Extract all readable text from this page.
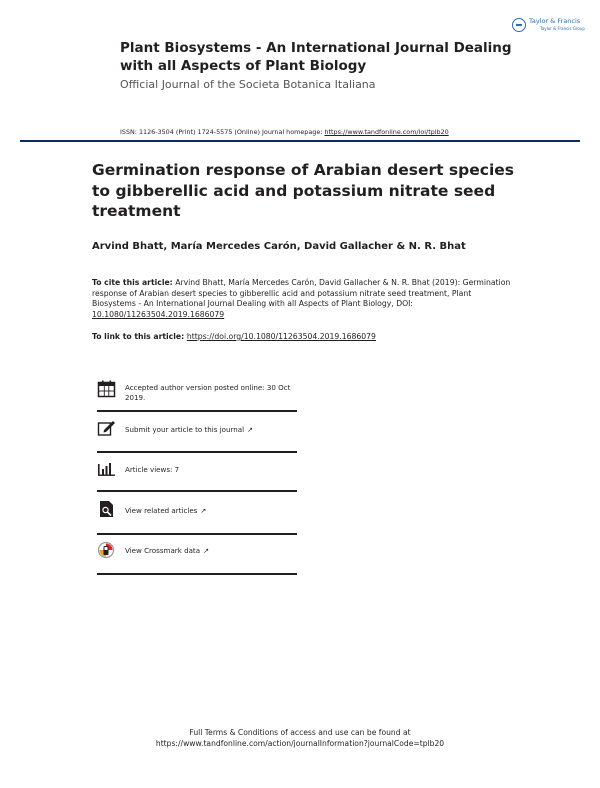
Taylor & Francis
Taylor & Francis Group
Plant Biosystems - An International Journal Dealing with all Aspects of Plant Biology
Official Journal of the Societa Botanica Italiana
ISSN: 1126-3504 (Print) 1724-5575 (Online) Journal homepage: https://www.tandfonline.com/loi/tplb20
Germination response of Arabian desert species to gibberellic acid and potassium nitrate seed treatment
Arvind Bhatt, María Mercedes Carón, David Gallacher & N. R. Bhat
To cite this article: Arvind Bhatt, María Mercedes Carón, David Gallacher & N. R. Bhat (2019): Germination response of Arabian desert species to gibberellic acid and potassium nitrate seed treatment, Plant Biosystems - An International Journal Dealing with all Aspects of Plant Biology, DOI: 10.1080/11263504.2019.1686079
To link to this article: https://doi.org/10.1080/11263504.2019.1686079
Accepted author version posted online: 30 Oct 2019.
Submit your article to this journal ↗
Article views: 7
View related articles ↗
View Crossmark data ↗
Full Terms & Conditions of access and use can be found at
https://www.tandfonline.com/action/journalInformation?journalCode=tplb20
